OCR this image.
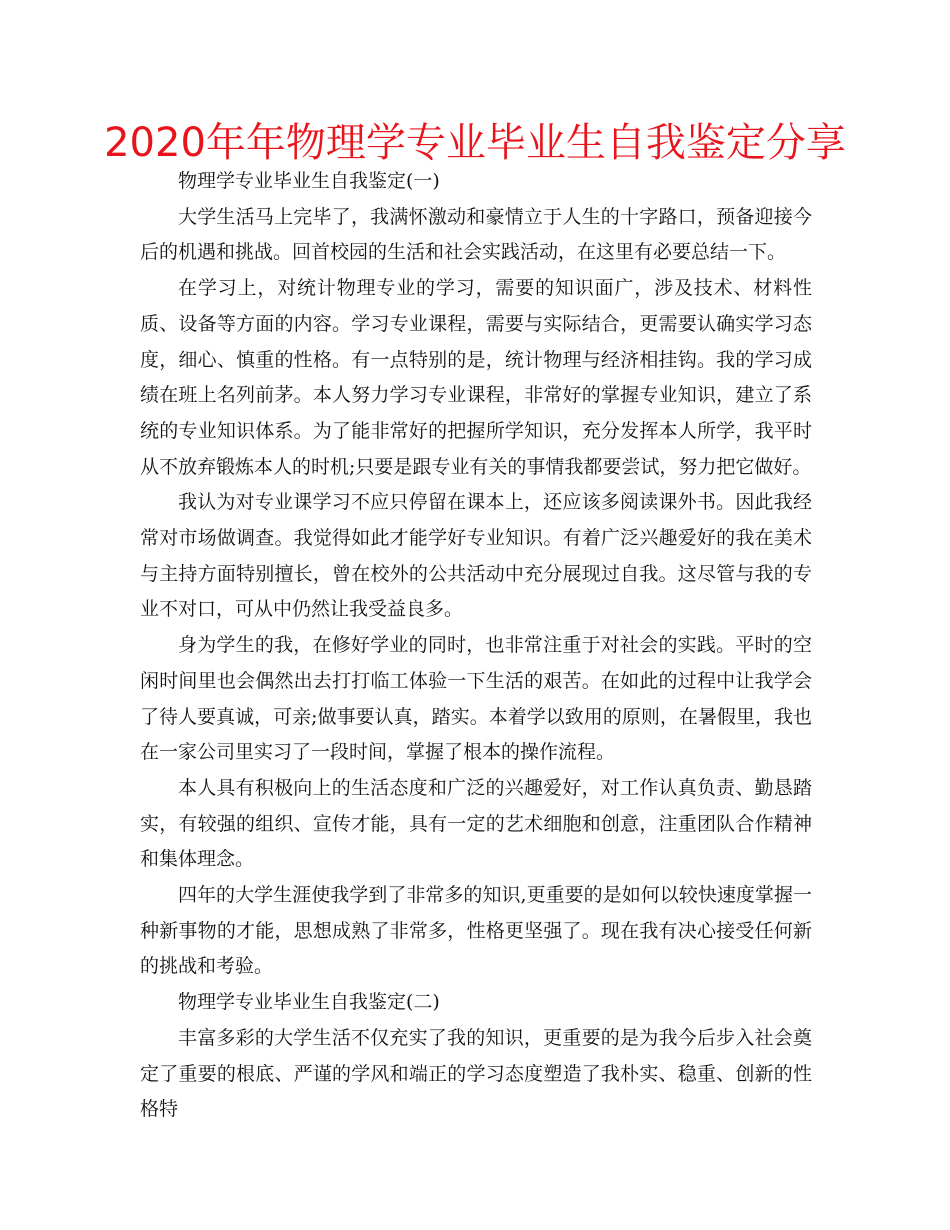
2020年年物理学专业毕业生自我鉴定分享

物理学专业毕业生自我鉴定(一)

大学生活马上完毕了，我满怀激动和豪情立于人生的十字路口，预备迎接今后的机遇和挑战。回首校园的生活和社会实践活动，在这里有必要总结一下。

在学习上，对统计物理专业的学习，需要的知识面广，涉及技术、材料性质、设备等方面的内容。学习专业课程，需要与实际结合，更需要认确实学习态度，细心、慎重的性格。有一点特别的是，统计物理与经济相挂钩。我的学习成绩在班上名列前茅。本人努力学习专业课程，非常好的掌握专业知识，建立了系统的专业知识体系。为了能非常好的把握所学知识，充分发挥本人所学，我平时从不放弃锻炼本人的时机;只要是跟专业有关的事情我都要尝试，努力把它做好。

我认为对专业课学习不应只停留在课本上，还应该多阅读课外书。因此我经常对市场做调查。我觉得如此才能学好专业知识。有着广泛兴趣爱好的我在美术与主持方面特别擅长，曾在校外的公共活动中充分展现过自我。这尽管与我的专业不对口，可从中仍然让我受益良多。

身为学生的我，在修好学业的同时，也非常注重于对社会的实践。平时的空闲时间里也会偶然出去打打临工体验一下生活的艰苦。在如此的过程中让我学会了待人要真诚，可亲;做事要认真，踏实。本着学以致用的原则，在暑假里，我也在一家公司里实习了一段时间，掌握了根本的操作流程。

本人具有积极向上的生活态度和广泛的兴趣爱好，对工作认真负责、勤恳踏实，有较强的组织、宣传才能，具有一定的艺术细胞和创意，注重团队合作精神和集体理念。

四年的大学生涯使我学到了非常多的知识,更重要的是如何以较快速度掌握一种新事物的才能，思想成熟了非常多，性格更坚强了。现在我有决心接受任何新的挑战和考验。

物理学专业毕业生自我鉴定(二)

丰富多彩的大学生活不仅充实了我的知识，更重要的是为我今后步入社会奠定了重要的根底、严谨的学风和端正的学习态度塑造了我朴实、稳重、创新的性格特
